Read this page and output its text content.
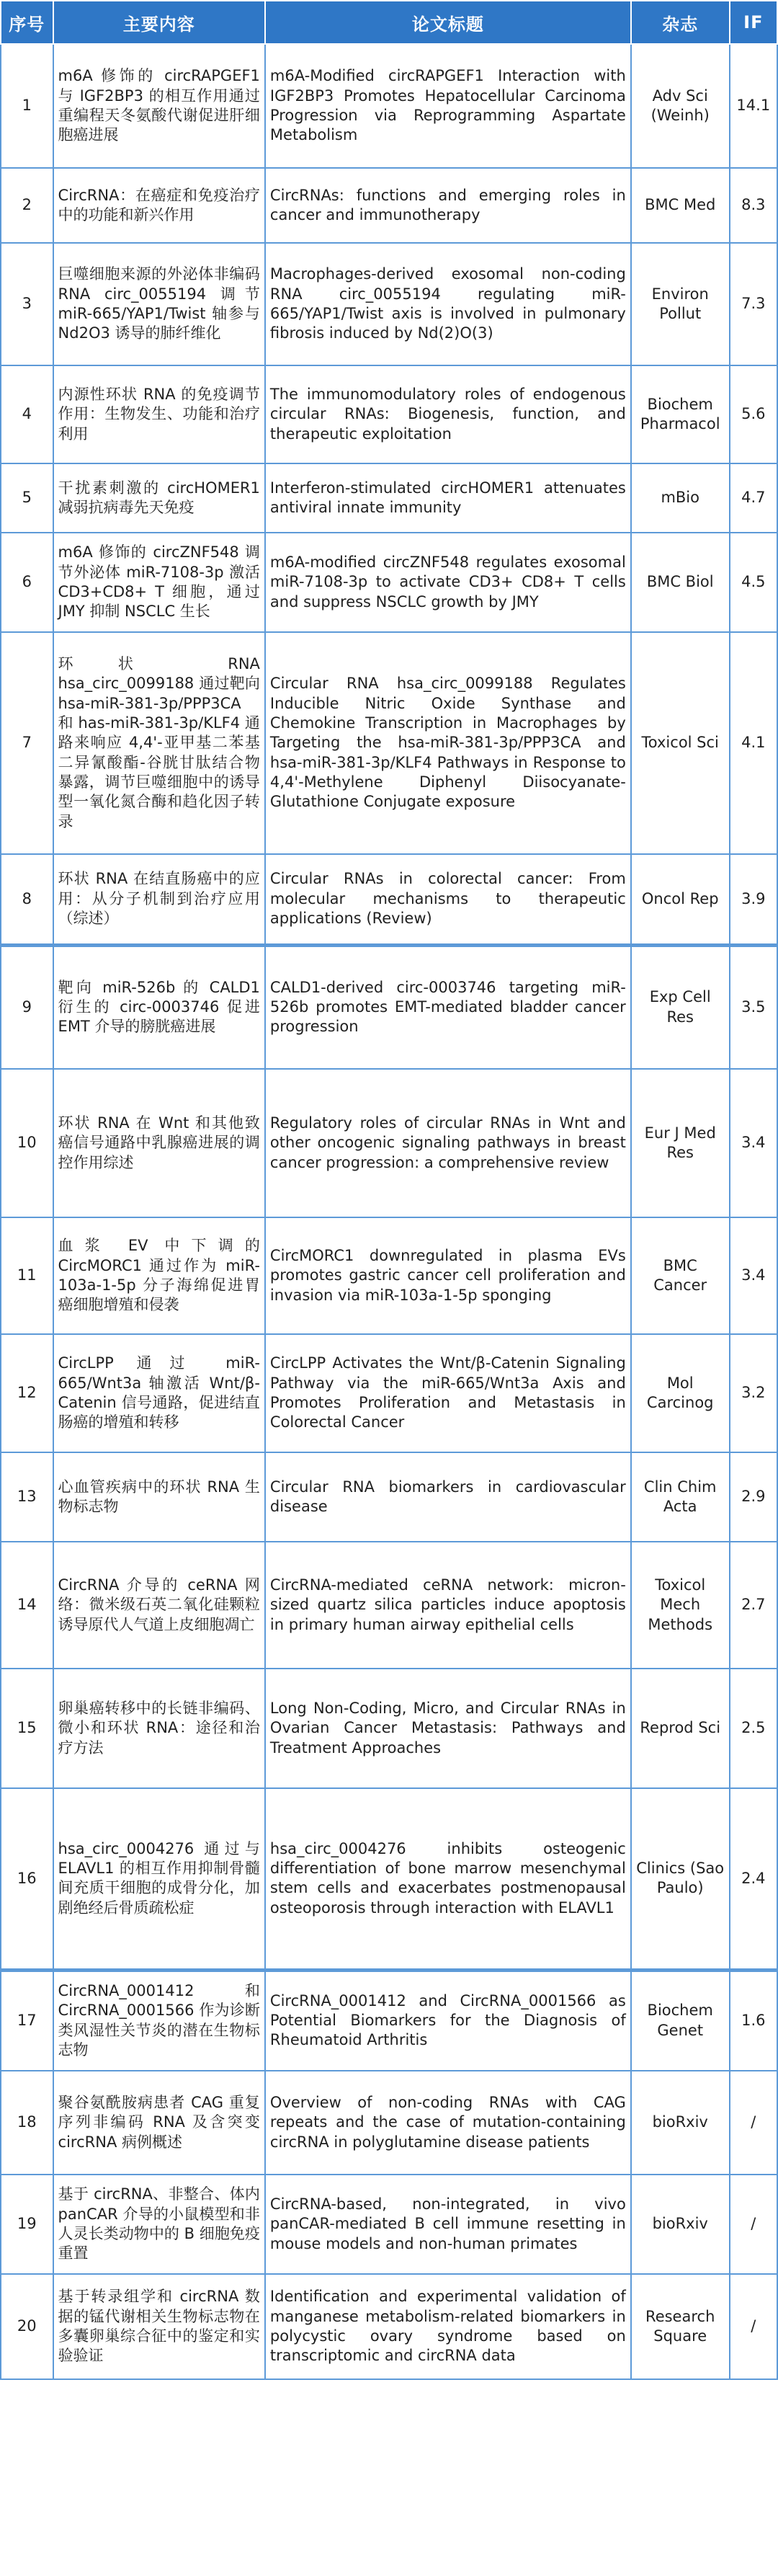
序号	主要内容	论文标题	杂志	IF
1	m6A 修饰的 circRAPGEF1 与 IGF2BP3 的相互作用通过重编程天冬氨酸代谢促进肝细胞癌进展	m6A-Modified circRAPGEF1 Interaction with IGF2BP3 Promotes Hepatocellular Carcinoma Progression via Reprogramming Aspartate Metabolism	Adv Sci (Weinh)	14.1
2	CircRNA：在癌症和免疫治疗中的功能和新兴作用	CircRNAs: functions and emerging roles in cancer and immunotherapy	BMC Med	8.3
3	巨噬细胞来源的外泌体非编码 RNA circ_0055194 调节 miR-665/YAP1/Twist 轴参与 Nd2O3 诱导的肺纤维化	Macrophages-derived exosomal non-coding RNA circ_0055194 regulating miR-665/YAP1/Twist axis is involved in pulmonary fibrosis induced by Nd(2)O(3)	Environ Pollut	7.3
4	内源性环状 RNA 的免疫调节作用：生物发生、功能和治疗利用	The immunomodulatory roles of endogenous circular RNAs: Biogenesis, function, and therapeutic exploitation	Biochem Pharmacol	5.6
5	干扰素刺激的 circHOMER1 减弱抗病毒先天免疫	Interferon-stimulated circHOMER1 attenuates antiviral innate immunity	mBio	4.7
6	m6A 修饰的 circZNF548 调节外泌体 miR-7108-3p 激活 CD3+CD8+ T 细胞，通过 JMY 抑制 NSCLC 生长	m6A-modified circZNF548 regulates exosomal miR-7108-3p to activate CD3+ CD8+ T cells and suppress NSCLC growth by JMY	BMC Biol	4.5
7	环状 RNA hsa_circ_0099188 通过靶向 hsa-miR-381-3p/PPP3CA 和 has-miR-381-3p/KLF4 通路来响应 4,4'-亚甲基二苯基二异氰酸酯-谷胱甘肽结合物暴露，调节巨噬细胞中的诱导型一氧化氮合酶和趋化因子转录	Circular RNA hsa_circ_0099188 Regulates Inducible Nitric Oxide Synthase and Chemokine Transcription in Macrophages by Targeting the hsa-miR-381-3p/PPP3CA and hsa-miR-381-3p/KLF4 Pathways in Response to 4,4'-Methylene Diphenyl Diisocyanate-Glutathione Conjugate exposure	Toxicol Sci	4.1
8	环状 RNA 在结直肠癌中的应用：从分子机制到治疗应用（综述）	Circular RNAs in colorectal cancer: From molecular mechanisms to therapeutic applications (Review)	Oncol Rep	3.9
9	靶向 miR-526b 的 CALD1 衍生的 circ-0003746 促进 EMT 介导的膀胱癌进展	CALD1-derived circ-0003746 targeting miR-526b promotes EMT-mediated bladder cancer progression	Exp Cell Res	3.5
10	环状 RNA 在 Wnt 和其他致癌信号通路中乳腺癌进展的调控作用综述	Regulatory roles of circular RNAs in Wnt and other oncogenic signaling pathways in breast cancer progression: a comprehensive review	Eur J Med Res	3.4
11	血浆 EV 中下调的 CircMORC1 通过作为 miR-103a-1-5p 分子海绵促进胃癌细胞增殖和侵袭	CircMORC1 downregulated in plasma EVs promotes gastric cancer cell proliferation and invasion via miR-103a-1-5p sponging	BMC Cancer	3.4
12	CircLPP 通过 miR-665/Wnt3a 轴激活 Wnt/β-Catenin 信号通路，促进结直肠癌的增殖和转移	CircLPP Activates the Wnt/β-Catenin Signaling Pathway via the miR-665/Wnt3a Axis and Promotes Proliferation and Metastasis in Colorectal Cancer	Mol Carcinog	3.2
13	心血管疾病中的环状 RNA 生物标志物	Circular RNA biomarkers in cardiovascular disease	Clin Chim Acta	2.9
14	CircRNA 介导的 ceRNA 网络：微米级石英二氧化硅颗粒诱导原代人气道上皮细胞凋亡	CircRNA-mediated ceRNA network: micron-sized quartz silica particles induce apoptosis in primary human airway epithelial cells	Toxicol Mech Methods	2.7
15	卵巢癌转移中的长链非编码、微小和环状 RNA：途径和治疗方法	Long Non-Coding, Micro, and Circular RNAs in Ovarian Cancer Metastasis: Pathways and Treatment Approaches	Reprod Sci	2.5
16	hsa_circ_0004276 通过与 ELAVL1 的相互作用抑制骨髓间充质干细胞的成骨分化，加剧绝经后骨质疏松症	hsa_circ_0004276 inhibits osteogenic differentiation of bone marrow mesenchymal stem cells and exacerbates postmenopausal osteoporosis through interaction with ELAVL1	Clinics (Sao Paulo)	2.4
17	CircRNA_0001412 和 CircRNA_0001566 作为诊断类风湿性关节炎的潜在生物标志物	CircRNA_0001412 and CircRNA_0001566 as Potential Biomarkers for the Diagnosis of Rheumatoid Arthritis	Biochem Genet	1.6
18	聚谷氨酰胺病患者 CAG 重复序列非编码 RNA 及含突变 circRNA 病例概述	Overview of non-coding RNAs with CAG repeats and the case of mutation-containing circRNA in polyglutamine disease patients	bioRxiv	/
19	基于 circRNA、非整合、体内 panCAR 介导的小鼠模型和非人灵长类动物中的 B 细胞免疫重置	CircRNA-based, non-integrated, in vivo panCAR-mediated B cell immune resetting in mouse models and non-human primates	bioRxiv	/
20	基于转录组学和 circRNA 数据的锰代谢相关生物标志物在多囊卵巢综合征中的鉴定和实验验证	Identification and experimental validation of manganese metabolism-related biomarkers in polycystic ovary syndrome based on transcriptomic and circRNA data	Research Square	/
